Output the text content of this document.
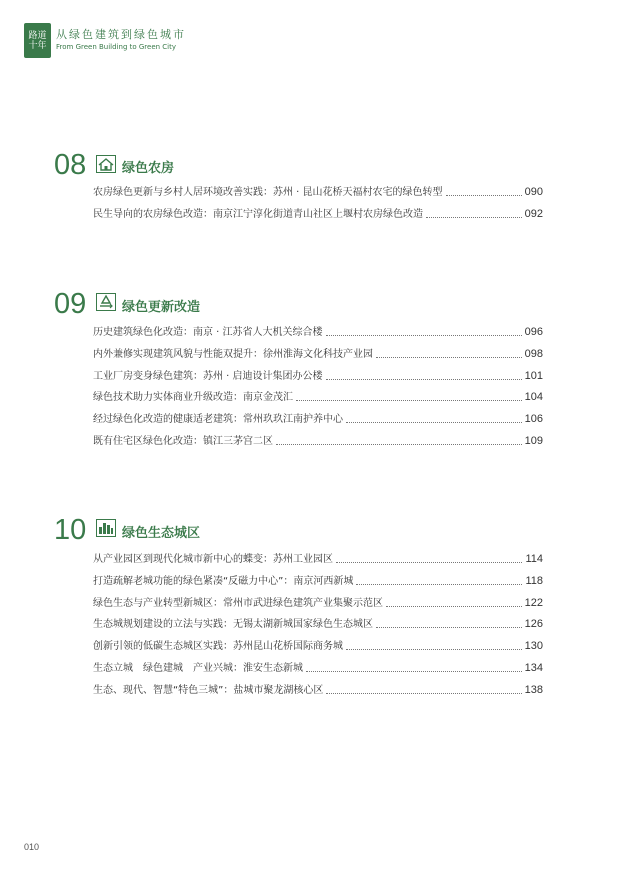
路道
十年
从绿色建筑到绿色城市
From Green Building to Green City
08	绿色农房
农房绿色更新与乡村人居环境改善实践：苏州 · 昆山花桥天福村农宅的绿色转型	090
民生导向的农房绿色改造：南京江宁淳化街道青山社区上堰村农房绿色改造	092
09	绿色更新改造
历史建筑绿色化改造：南京 · 江苏省人大机关综合楼	096
内外兼修实现建筑风貌与性能双提升：徐州淮海文化科技产业园	098
工业厂房变身绿色建筑：苏州 · 启迪设计集团办公楼	101
绿色技术助力实体商业升级改造：南京金茂汇	104
经过绿色化改造的健康适老建筑：常州玖玖江南护养中心	106
既有住宅区绿色化改造：镇江三茅宫二区	109
10	绿色生态城区
从产业园区到现代化城市新中心的蝶变：苏州工业园区	114
打造疏解老城功能的绿色紧凑“反磁力中心”：南京河西新城	118
绿色生态与产业转型新城区：常州市武进绿色建筑产业集聚示范区	122
生态城规划建设的立法与实践：无锡太湖新城国家绿色生态城区	126
创新引领的低碳生态城区实践：苏州昆山花桥国际商务城	130
生态立城　绿色建城　产业兴城：淮安生态新城	134
生态、现代、智慧“特色三城”：盐城市聚龙湖核心区	138
010
